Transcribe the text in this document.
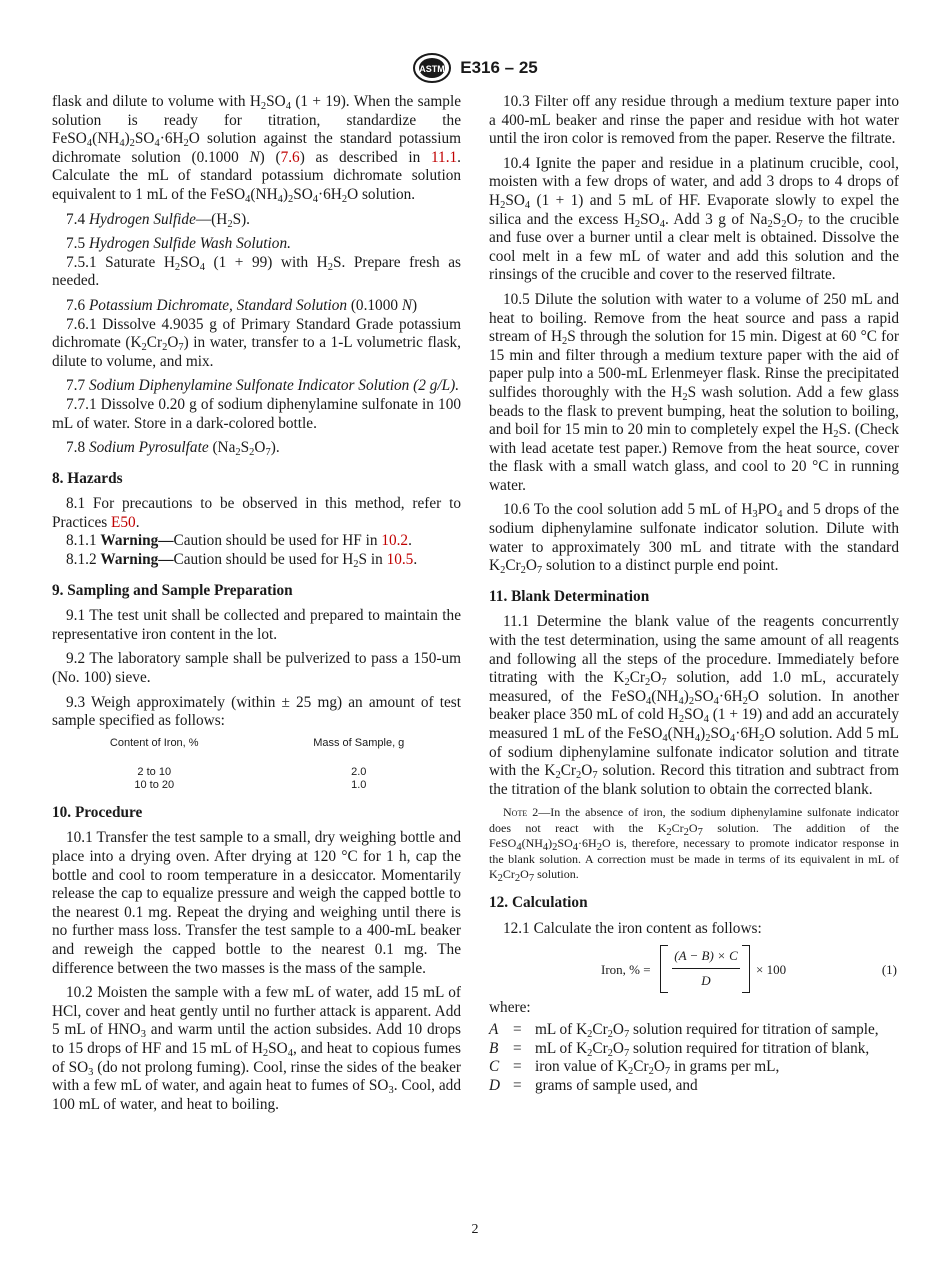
ASTM E316 – 25

flask and dilute to volume with $H_2SO_4$ (1 + 19). When the sample solution is ready for titration, standardize the $FeSO_4(NH_4)_2SO_4\cdot 6H_2O$ solution against the standard potassium dichromate solution (0.1000 N) (7.6) as described in 11.1. Calculate the mL of standard potassium dichromate solution equivalent to 1 mL of the $FeSO_4(NH_4)_2SO_4\cdot 6H_2O$ solution.

7.4 Hydrogen $Sulfide—(H_2S)$.

7.5 Hydrogen Sulfide Wash Solution.

7.5.1 Saturate $H_2SO_4$ (1 + 99) with $H_2S$. Prepare fresh as needed.

7.6 Potassium Dichromate, Standard Solution (0.1000 N)

7.6.1 Dissolve 4.9035 g of Primary Standard Grade potassium dichromate $(K_2Cr_2O_7)$ in water, transfer to a 1-L volumetric flask, dilute to volume, and mix.

7.7 Sodium Diphenylamine Sulfonate Indicator Solution (2 g/L).

7.7.1 Dissolve 0.20 g of sodium diphenylamine sulfonate in 100 mL of water. Store in a dark-colored bottle.

7.8 Sodium Pyrosulfate $(Na_2S_2O_7)$.

8. Hazards

8.1 For precautions to be observed in this method, refer to Practices E50.

8.1.1 Warning—Caution should be used for HF in 10.2.

8.1.2 Warning—Caution should be used for $H_2S$ in 10.5.

9. Sampling and Sample Preparation

9.1 The test unit shall be collected and prepared to maintain the representative iron content in the lot.

9.2 The laboratory sample shall be pulverized to pass a 150-um (No. 100) sieve.

9.3 Weigh approximately (within ± 25 mg) an amount of test sample specified as follows:

Content of Iron, %	Mass of Sample, g
2 to 10	2.0
10 to 20	1.0
10. Procedure

10.1 Transfer the test sample to a small, dry weighing bottle and place into a drying oven. After drying at 120 °C for 1 h, cap the bottle and cool to room temperature in a desiccator. Momentarily release the cap to equalize pressure and weigh the capped bottle to the nearest 0.1 mg. Repeat the drying and weighing until there is no further mass loss. Transfer the test sample to a 400-mL beaker and reweigh the capped bottle to the nearest 0.1 mg. The difference between the two masses is the mass of the sample.

10.2 Moisten the sample with a few mL of water, add 15 mL of HCl, cover and heat gently until no further attack is apparent. Add 5 mL of $HNO_3$ and warm until the action subsides. Add 10 drops to 15 drops of HF and 15 mL of $H_2SO_4$, and heat to copious fumes of $SO_3$ (do not prolong fuming). Cool, rinse the sides of the beaker with a few mL of water, and again heat to fumes of $SO_3$. Cool, add 100 mL of water, and heat to boiling.

10.3 Filter off any residue through a medium texture paper into a 400-mL beaker and rinse the paper and residue with hot water until the iron color is removed from the paper. Reserve the filtrate.

10.4 Ignite the paper and residue in a platinum crucible, cool, moisten with a few drops of water, and add 3 drops to 4 drops of $H_2SO_4$ (1 + 1) and 5 mL of HF. Evaporate slowly to expel the silica and the excess $H_2SO_4$. Add 3 g of $Na_2S_2O_7$ to the crucible and fuse over a burner until a clear melt is obtained. Dissolve the cool melt in a few mL of water and add this solution and the rinsings of the crucible and cover to the reserved filtrate.

10.5 Dilute the solution with water to a volume of 250 mL and heat to boiling. Remove from the heat source and pass a rapid stream of $H_2S$ through the solution for 15 min. Digest at 60 °C for 15 min and filter through a medium texture paper with the aid of paper pulp into a 500-mL Erlenmeyer flask. Rinse the precipitated sulfides thoroughly with the $H_2S$ wash solution. Add a few glass beads to the flask to prevent bumping, heat the solution to boiling, and boil for 15 min to 20 min to completely expel the $H_2S$. (Check with lead acetate test paper.) Remove from the heat source, cover the flask with a small watch glass, and cool to 20 °C in running water.

10.6 To the cool solution add 5 mL of $H_3PO_4$ and 5 drops of the sodium diphenylamine sulfonate indicator solution. Dilute with water to approximately 300 mL and titrate with the standard $K_2Cr_2O_7$ solution to a distinct purple end point.

11. Blank Determination

11.1 Determine the blank value of the reagents concurrently with the test determination, using the same amount of all reagents and following all the steps of the procedure. Immediately before titrating with the $K_2Cr_2O_7$ solution, add 1.0 mL, accurately measured, of the $FeSO_4(NH_4)_2SO_4\cdot 6H_2O$ solution. In another beaker place 350 mL of cold $H_2SO_4$ (1 + 19) and add an accurately measured 1 mL of the $FeSO_4(NH_4)_2SO_4\cdot 6H_2O$ solution. Add 5 mL of sodium diphenylamine sulfonate indicator solution and titrate with the $K_2Cr_2O_7$ solution. Record this titration and subtract from the titration of the blank solution to obtain the corrected blank.

Note 2—In the absence of iron, the sodium diphenylamine sulfonate indicator does not react with the $K_2Cr_2O_7$ solution. The addition of the $FeSO_4(NH_4)_2SO_4\cdot 6H_2O$ is, therefore, necessary to promote indicator response in the blank solution. A correction must be made in terms of its equivalent in mL of $K_2Cr_2O_7$ solution.

12. Calculation

12.1 Calculate the iron content as follows:

Iron, % = $\frac{(A - B) \times C}{D} \times 100$	(1)
where:
A = mL of $K_2Cr_2O_7$ solution required for titration of sample,
B = mL of $K_2Cr_2O_7$ solution required for titration of blank,
C = iron value of $K_2Cr_2O_7$ in grams per mL,
D = grams of sample used, and
2
